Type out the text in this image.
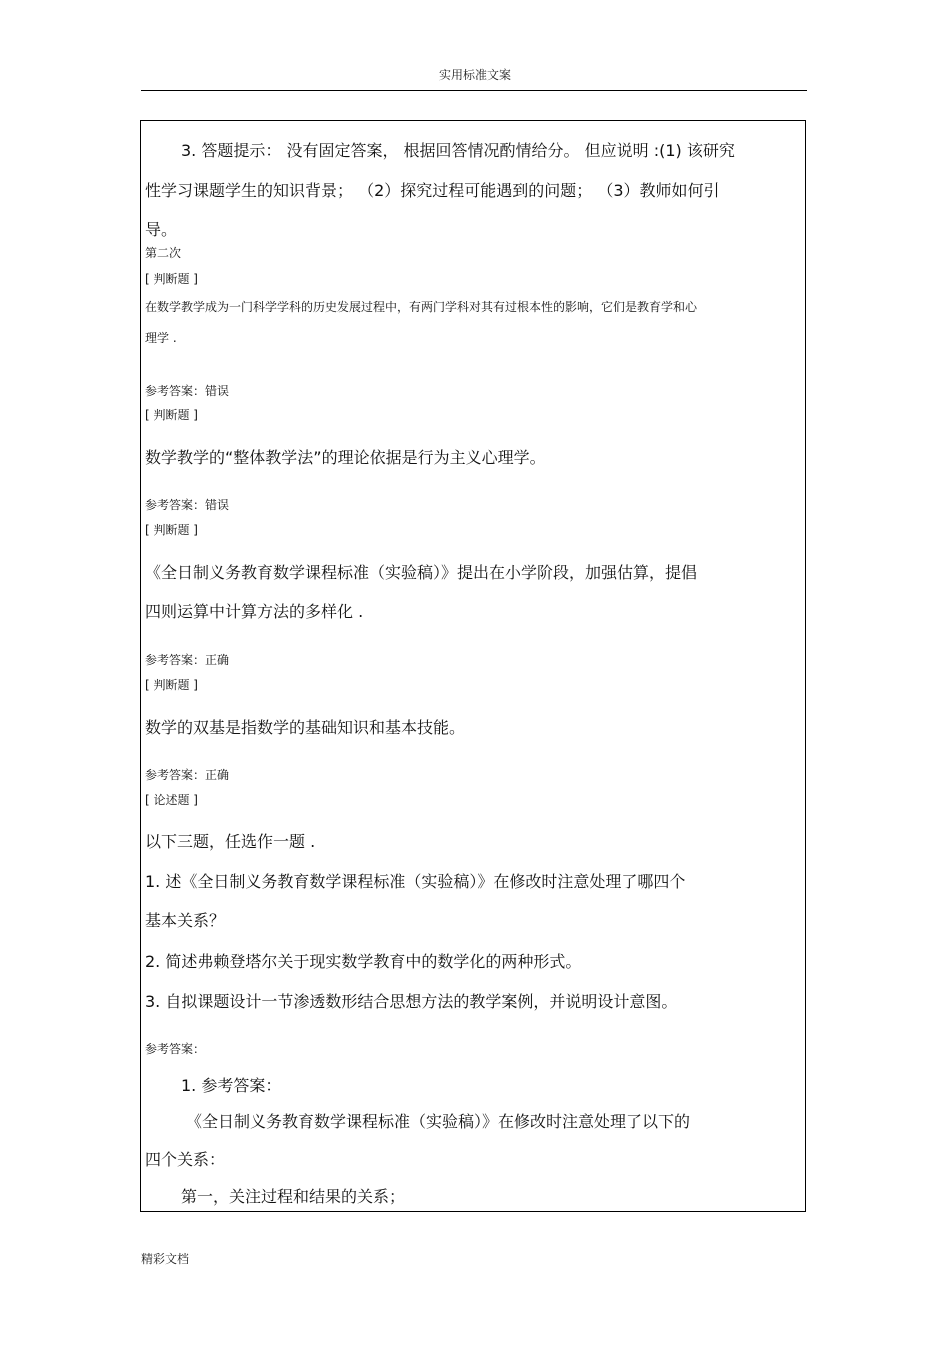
实用标准文案
3. 答题提示： 没有固定答案， 根据回答情况酌情给分。 但应说明 :(1) 该研究
性学习课题学生的知识背景； （2）探究过程可能遇到的问题； （3）教师如何引
导。
第二次
[ 判断题 ]
在数学教学成为一门科学学科的历史发展过程中，有两门学科对其有过根本性的影响，它们是教育学和心
理学 .
参考答案：错误
[ 判断题 ]
数学教学的“整体教学法”的理论依据是行为主义心理学。
参考答案：错误
[ 判断题 ]
《全日制义务教育数学课程标准（实验稿）》提出在小学阶段，加强估算，提倡
四则运算中计算方法的多样化 .
参考答案：正确
[ 判断题 ]
数学的双基是指数学的基础知识和基本技能。
参考答案：正确
[ 论述题 ]
以下三题，任选作一题 .
1. 述《全日制义务教育数学课程标准（实验稿）》在修改时注意处理了哪四个
基本关系？
2. 简述弗赖登塔尔关于现实数学教育中的数学化的两种形式。
3. 自拟课题设计一节渗透数形结合思想方法的教学案例，并说明设计意图。
参考答案：
1. 参考答案：
《全日制义务教育数学课程标准（实验稿）》在修改时注意处理了以下的
四个关系：
第一，关注过程和结果的关系；
精彩文档
